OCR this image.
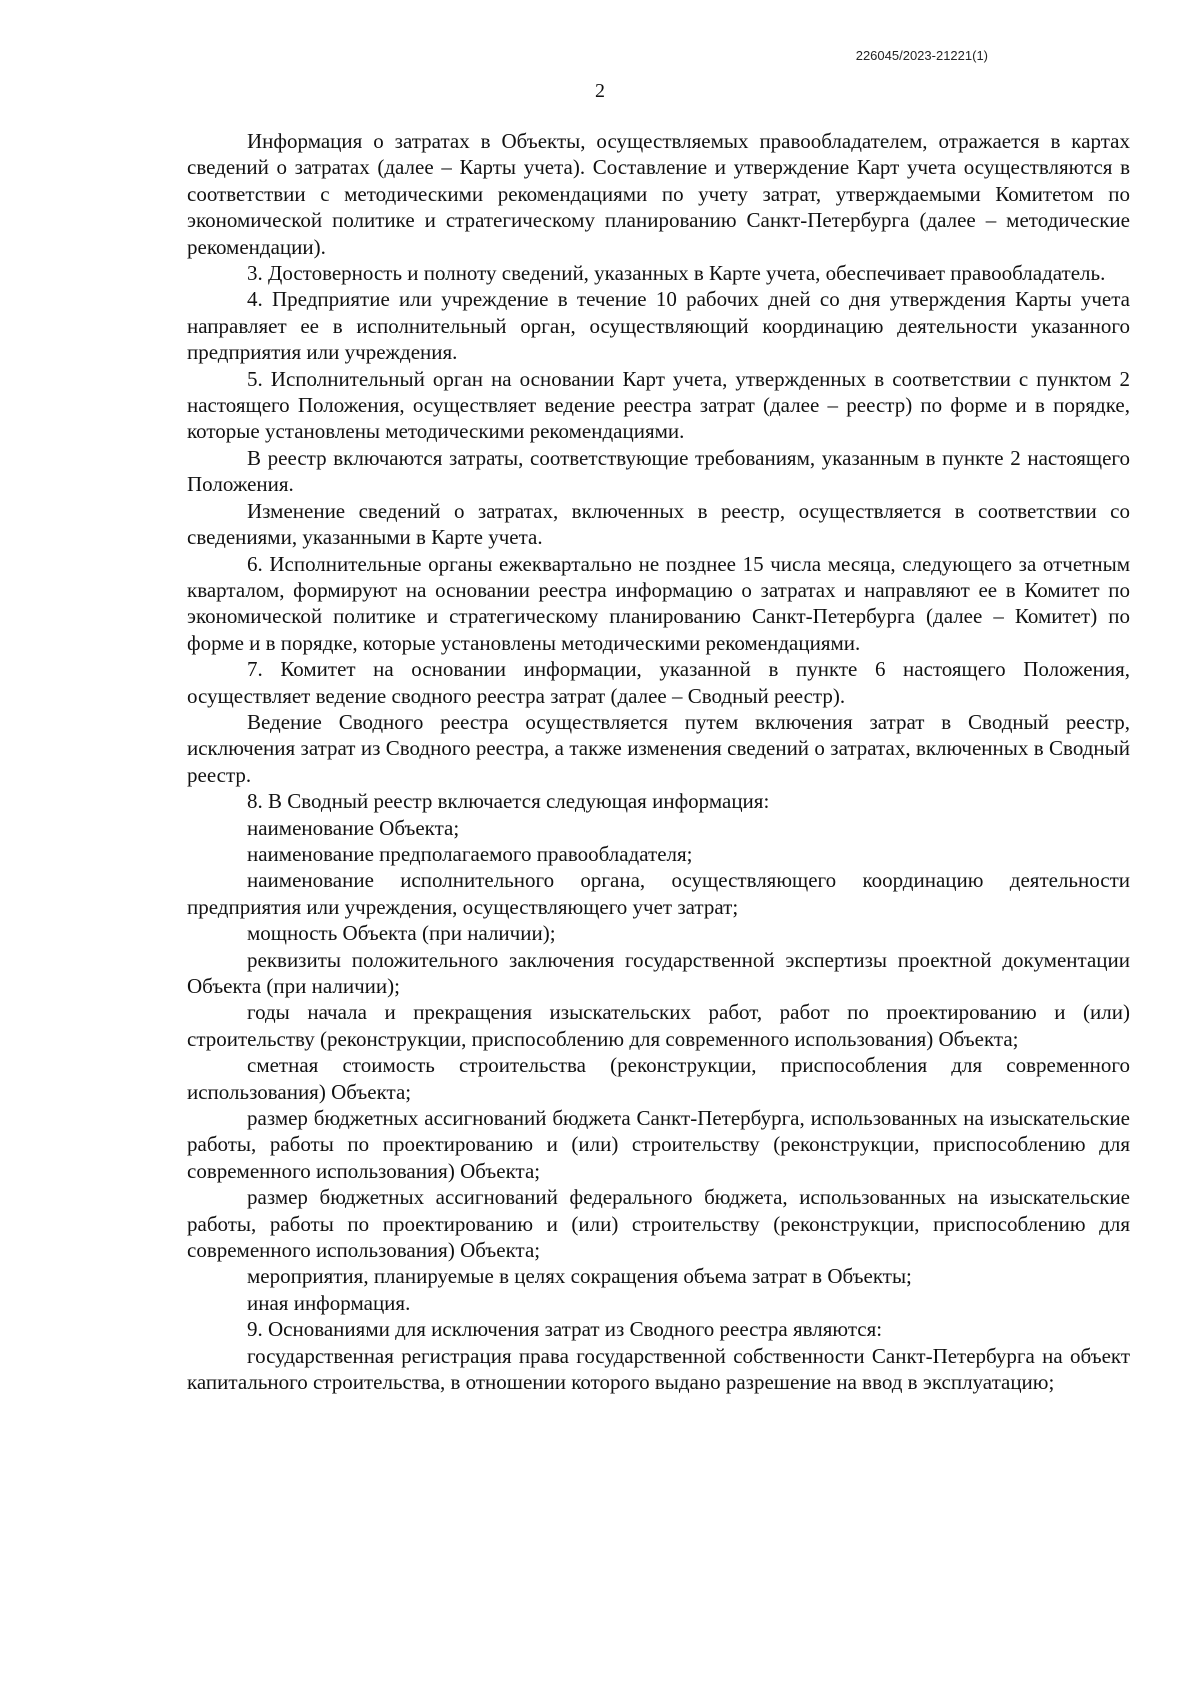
226045/2023-21221(1)
2

Информация о затратах в Объекты, осуществляемых правообладателем, отражается в картах сведений о затратах (далее – Карты учета). Составление и утверждение Карт учета осуществляются в соответствии с методическими рекомендациями по учету затрат, утверждаемыми Комитетом по экономической политике и стратегическому планированию Санкт-Петербурга (далее – методические рекомендации).

3. Достоверность и полноту сведений, указанных в Карте учета, обеспечивает правообладатель.

4. Предприятие или учреждение в течение 10 рабочих дней со дня утверждения Карты учета направляет ее в исполнительный орган, осуществляющий координацию деятельности указанного предприятия или учреждения.

5. Исполнительный орган на основании Карт учета, утвержденных в соответствии с пунктом 2 настоящего Положения, осуществляет ведение реестра затрат (далее – реестр) по форме и в порядке, которые установлены методическими рекомендациями.

В реестр включаются затраты, соответствующие требованиям, указанным в пункте 2 настоящего Положения.

Изменение сведений о затратах, включенных в реестр, осуществляется в соответствии со сведениями, указанными в Карте учета.

6. Исполнительные органы ежеквартально не позднее 15 числа месяца, следующего за отчетным кварталом, формируют на основании реестра информацию о затратах и направляют ее в Комитет по экономической политике и стратегическому планированию Санкт-Петербурга (далее – Комитет) по форме и в порядке, которые установлены методическими рекомендациями.

7. Комитет на основании информации, указанной в пункте 6 настоящего Положения, осуществляет ведение сводного реестра затрат (далее – Сводный реестр).

Ведение Сводного реестра осуществляется путем включения затрат в Сводный реестр, исключения затрат из Сводного реестра, а также изменения сведений о затратах, включенных в Сводный реестр.

8. В Сводный реестр включается следующая информация:

наименование Объекта;

наименование предполагаемого правообладателя;

наименование исполнительного органа, осуществляющего координацию деятельности предприятия или учреждения, осуществляющего учет затрат;

мощность Объекта (при наличии);

реквизиты положительного заключения государственной экспертизы проектной документации Объекта (при наличии);

годы начала и прекращения изыскательских работ, работ по проектированию и (или) строительству (реконструкции, приспособлению для современного использования) Объекта;

сметная стоимость строительства (реконструкции, приспособления для современного использования) Объекта;

размер бюджетных ассигнований бюджета Санкт-Петербурга, использованных на изыскательские работы, работы по проектированию и (или) строительству (реконструкции, приспособлению для современного использования) Объекта;

размер бюджетных ассигнований федерального бюджета, использованных на изыскательские работы, работы по проектированию и (или) строительству (реконструкции, приспособлению для современного использования) Объекта;

мероприятия, планируемые в целях сокращения объема затрат в Объекты;

иная информация.

9. Основаниями для исключения затрат из Сводного реестра являются:

государственная регистрация права государственной собственности Санкт-Петербурга на объект капитального строительства, в отношении которого выдано разрешение на ввод в эксплуатацию;
